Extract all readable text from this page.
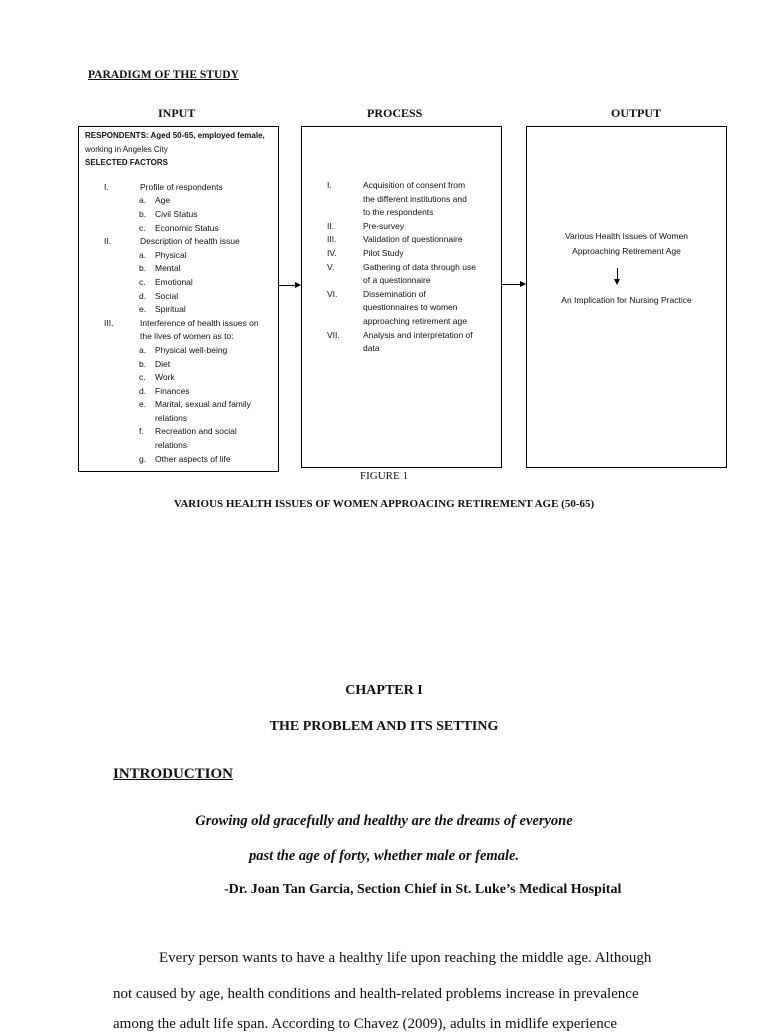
PARADIGM OF THE STUDY
INPUT	PROCESS	OUTPUT
RESPONDENTS: Aged 50-65, employed female,
working in Angeles City
SELECTED FACTORS
I.	Profile of respondents
a.	Age
b.	Civil Status
c.	Economic Status
II.	Description of health issue
a.	Physical
b.	Mental
c.	Emotional
d.	Social
e.	Spiritual
III.	Interference of health issues on
the lives of women as to:
a.	Physical well-being
b.	Diet
c.	Work
d.	Finances
e.	Marital, sexual and family
relations
f.	Recreation and social
relations
g.	Other aspects of life
I.	Acquisition of consent from
the different institutions and
to the respondents
II.	Pre-survey
III.	Validation of questionnaire
IV.	Pilot Study
V.	Gathering of data through use
of a questionnaire
VI.	Dissemination of
questionnaires to women
approaching retirement age
VII.	Analysis and interpretation of
data
Various Health Issues of Women
Approaching Retirement Age
An Implication for Nursing Practice
FIGURE 1
VARIOUS HEALTH ISSUES OF WOMEN APPROACING RETIREMENT AGE (50-65)
CHAPTER I
THE PROBLEM AND ITS SETTING
INTRODUCTION
Growing old gracefully and healthy are the dreams of everyone
past the age of forty, whether male or female.
-Dr. Joan Tan Garcia, Section Chief in St. Luke’s Medical Hospital
Every person wants to have a healthy life upon reaching the middle age. Although
not caused by age, health conditions and health-related problems increase in prevalence
among the adult life span. According to Chavez (2009), adults in midlife experience
